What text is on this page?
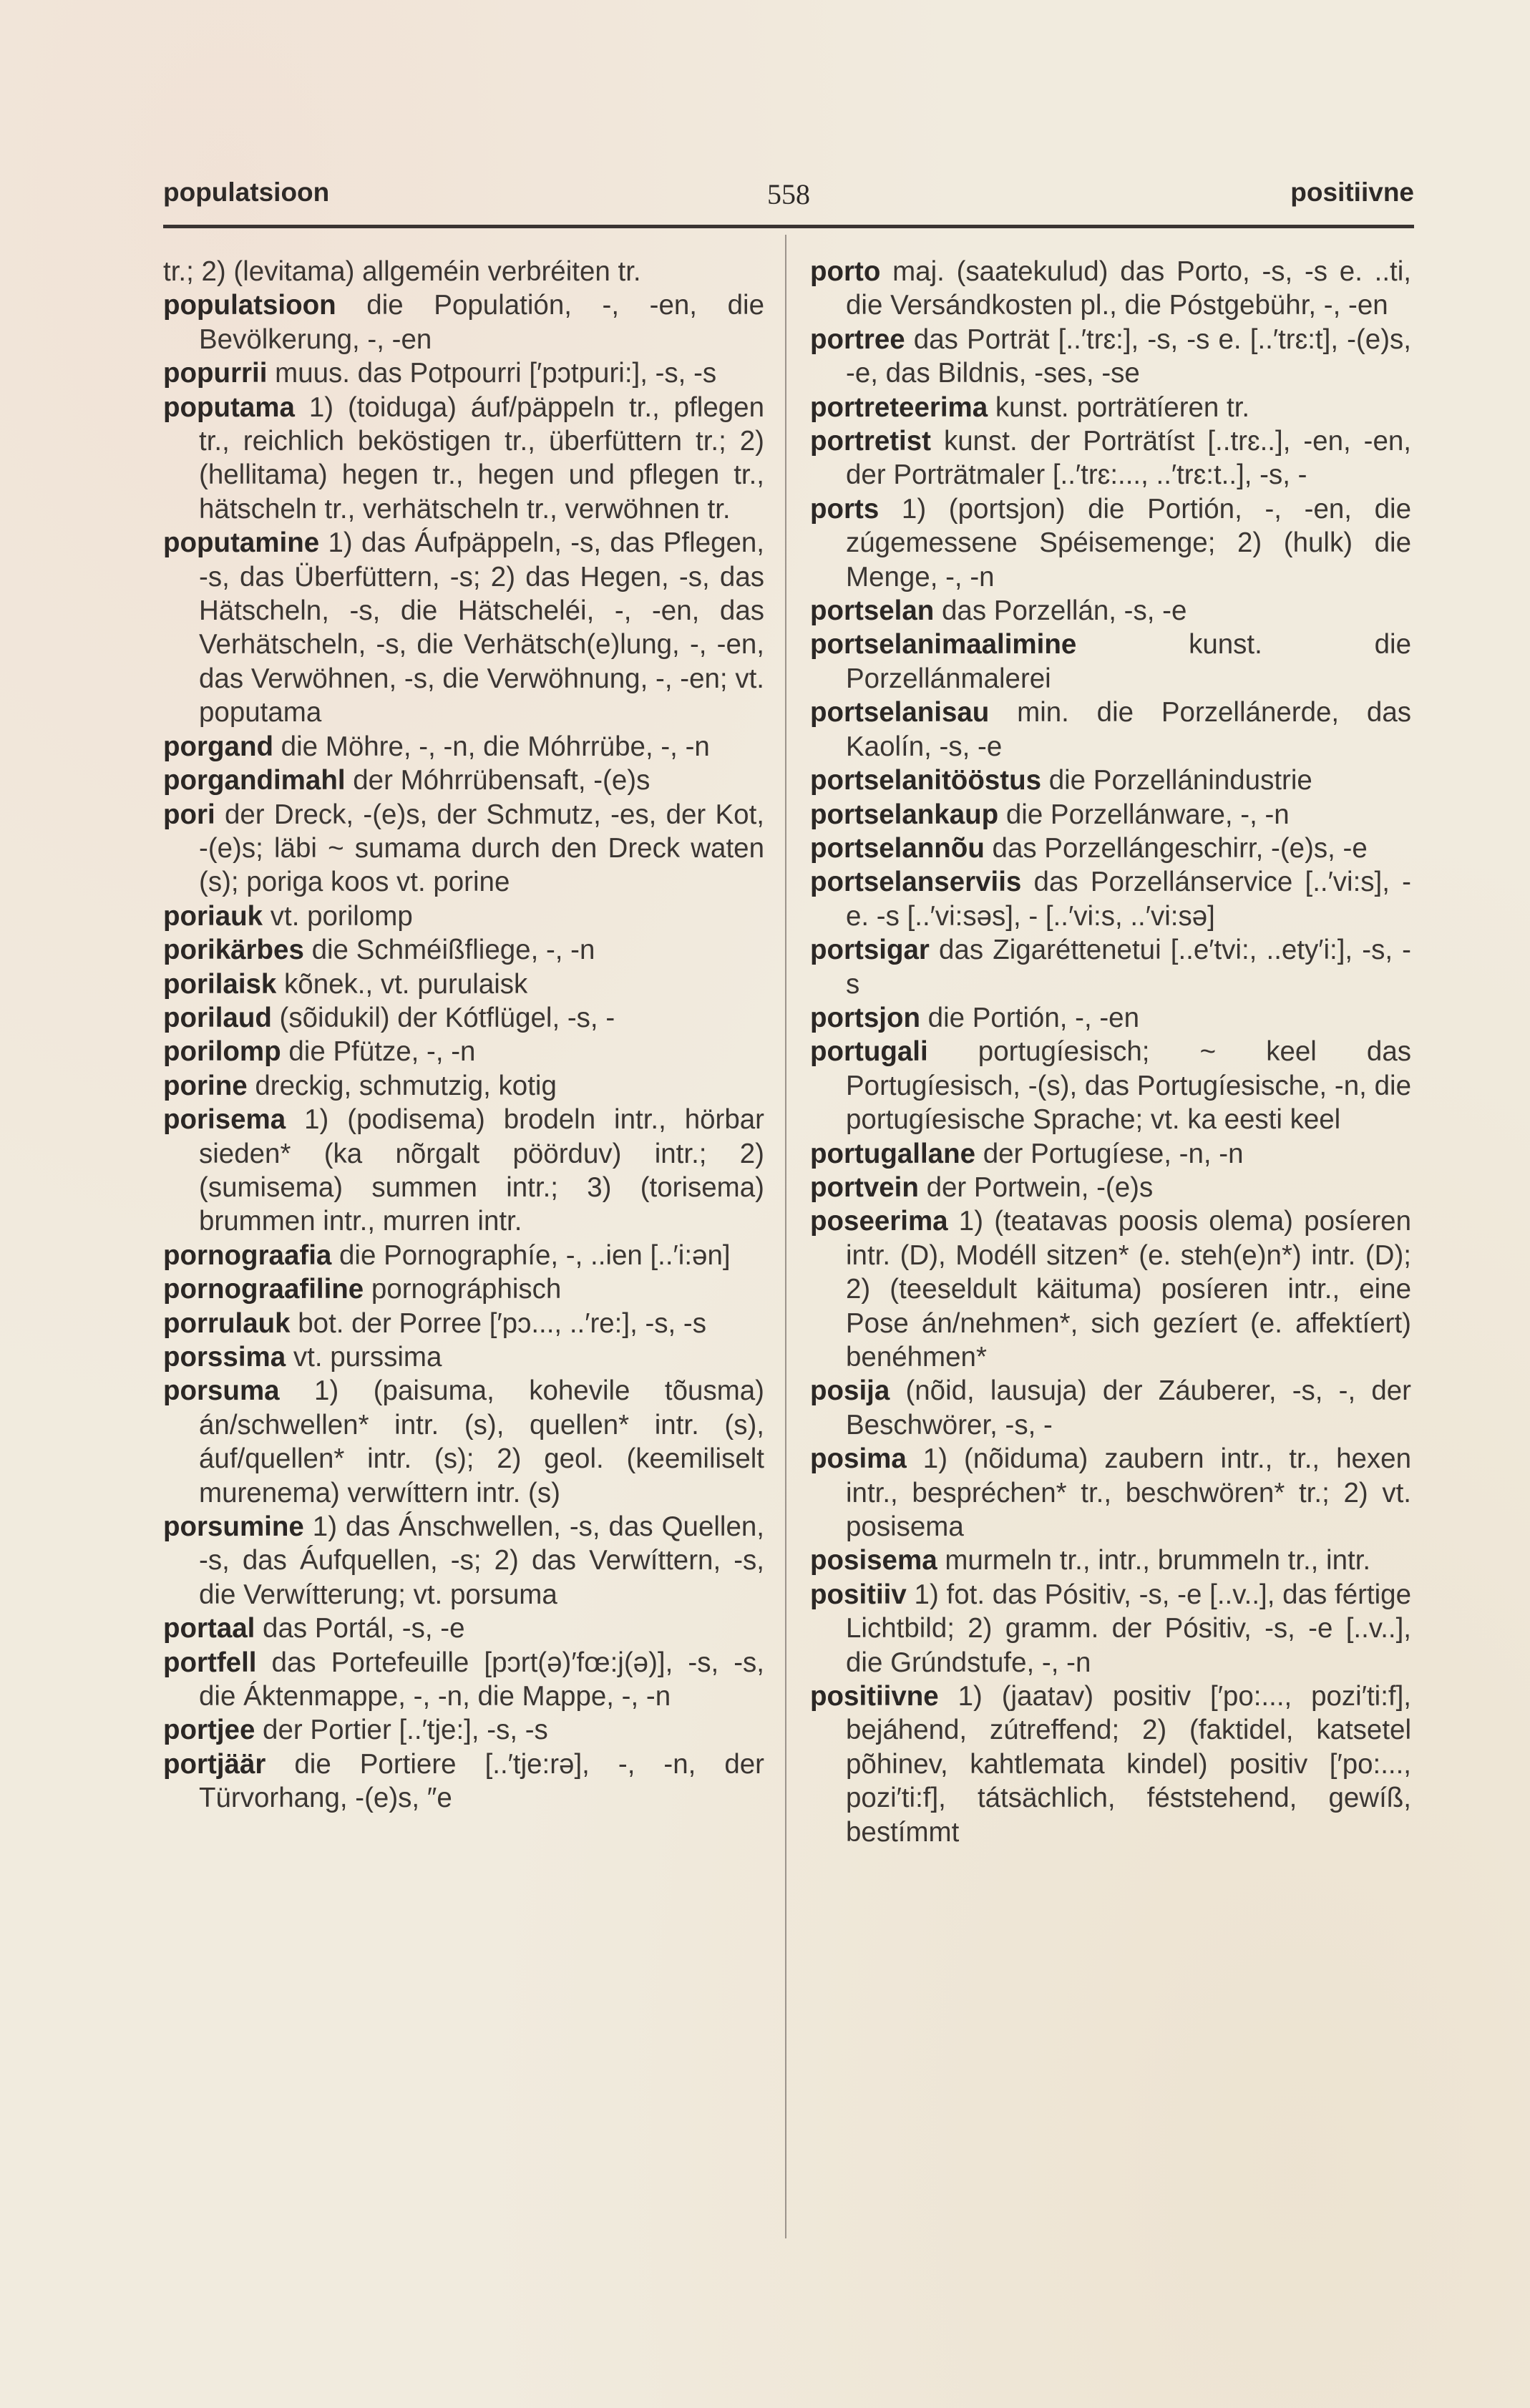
populatsioon	558	positiivne

tr.; 2) (levitama) allgeméin verbréiten tr.

populatsioon die Populatión, -, -en, die Bevölkerung, -, -en

popurrii muus. das Potpourri [′pɔtpuri:], -s, -s

poputama 1) (toiduga) áuf/päppeln tr., pflegen tr., reichlich beköstigen tr., überfüttern tr.; 2) (hellitama) hegen tr., hegen und pflegen tr., hätscheln tr., verhätscheln tr., verwöhnen tr.

poputamine 1) das Áufpäppeln, -s, das Pflegen, -s, das Überfüttern, -s; 2) das Hegen, -s, das Hätscheln, -s, die Hätscheléi, -, -en, das Verhätscheln, -s, die Verhätsch(e)lung, -, -en, das Verwöhnen, -s, die Verwöhnung, -, -en; vt. poputama

porgand die Möhre, -, -n, die Móhrrübe, -, -n

porgandimahl der Móhrrübensaft, -(e)s

pori der Dreck, -(e)s, der Schmutz, -es, der Kot, -(e)s; läbi ~ sumama durch den Dreck waten (s); poriga koos vt. porine

poriauk vt. porilomp

porikärbes die Schméißfliege, -, -n

porilaisk kõnek., vt. purulaisk

porilaud (sõidukil) der Kótflügel, -s, -

porilomp die Pfütze, -, -n

porine dreckig, schmutzig, kotig

porisema 1) (podisema) brodeln intr., hörbar sieden* (ka nõrgalt pöörduv) intr.; 2) (sumisema) summen intr.; 3) (torisema) brummen intr., murren intr.

pornograafia die Pornographíe, -, ..ien [..′i:ən]

pornograafiline pornográphisch

porrulauk bot. der Porree [′pɔ..., ..′re:], -s, -s

porssima vt. purssima

porsuma 1) (paisuma, kohevile tõusma) án/schwellen* intr. (s), quellen* intr. (s), áuf/quellen* intr. (s); 2) geol. (keemiliselt murenema) verwíttern intr. (s)

porsumine 1) das Ánschwellen, -s, das Quellen, -s, das Áufquellen, -s; 2) das Verwíttern, -s, die Verwítterung; vt. porsuma

portaal das Portál, -s, -e

portfell das Portefeuille [pɔrt(ə)′fœ:j(ə)], -s, -s, die Áktenmappe, -, -n, die Mappe, -, -n

portjee der Portier [..′tje:], -s, -s

portjäär die Portiere [..′tje:rə], -, -n, der Türvorhang, -(e)s, ″e

porto maj. (saatekulud) das Porto, -s, -s e. ..ti, die Versándkosten pl., die Póstgebühr, -, -en

portree das Porträt [..′trɛ:], -s, -s e. [..′trɛ:t], -(e)s, -e, das Bildnis, -ses, -se

portreteerima kunst. porträtíeren tr.

portretist kunst. der Porträtíst [..trɛ..], -en, -en, der Porträtmaler [..′trɛ:..., ..′trɛ:t..], -s, -

ports 1) (portsjon) die Portión, -, -en, die zúgemessene Spéisemenge; 2) (hulk) die Menge, -, -n

portselan das Porzellán, -s, -e

portselanimaalimine kunst. die Porzellánmalerei

portselanisau min. die Porzellánerde, das Kaolín, -s, -e

portselanitööstus die Porzellánindustrie

portselankaup die Porzellánware, -, -n

portselannõu das Porzellángeschirr, -(e)s, -e

portselanserviis das Porzellánservice [..′vi:s], - e. -s [..′vi:səs], - [..′vi:s, ..′vi:sə]

portsigar das Zigaréttenetui [..e′tvi:, ..ety′i:], -s, -s

portsjon die Portión, -, -en

portugali portugíesisch; ~ keel das Portugíesisch, -(s), das Portugíesische, -n, die portugíesische Sprache; vt. ka eesti keel

portugallane der Portugíese, -n, -n

portvein der Portwein, -(e)s

poseerima 1) (teatavas poosis olema) posíeren intr. (D), Modéll sitzen* (e. steh(e)n*) intr. (D); 2) (teeseldult käituma) posíeren intr., eine Pose án/nehmen*, sich gezíert (e. affektíert) benéhmen*

posija (nõid, lausuja) der Záuberer, -s, -, der Beschwörer, -s, -

posima 1) (nõiduma) zaubern intr., tr., hexen intr., bespréchen* tr., beschwören* tr.; 2) vt. posisema

posisema murmeln tr., intr., brummeln tr., intr.

positiiv 1) fot. das Pósitiv, -s, -e [..v..], das fértige Lichtbild; 2) gramm. der Pósitiv, -s, -e [..v..], die Grúndstufe, -, -n

positiivne 1) (jaatav) positiv [′po:..., pozi′ti:f], bejáhend, zútreffend; 2) (faktidel, katsetel põhinev, kahtlemata kindel) positiv [′po:..., pozi′ti:f], tátsächlich, féststehend, gewíß, bestímmt
